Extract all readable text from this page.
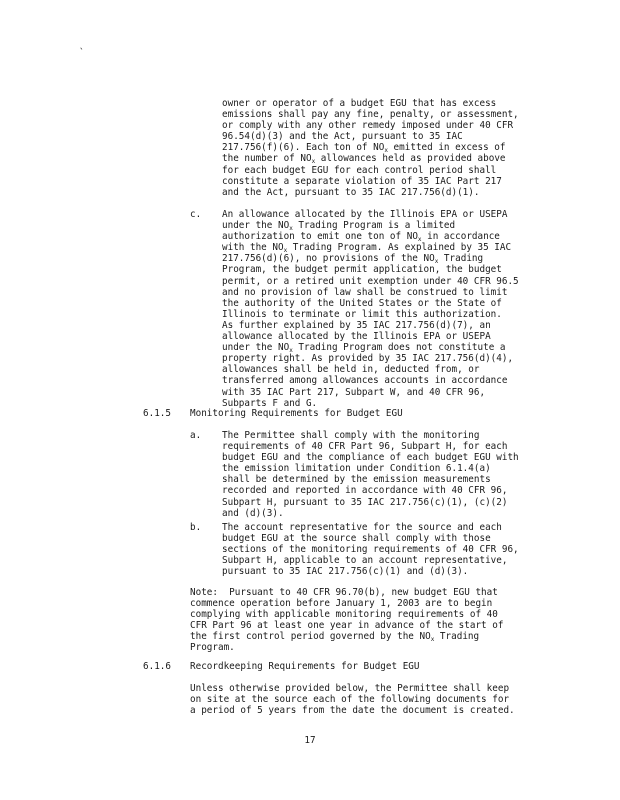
`
owner or operator of a budget EGU that has excess
emissions shall pay any fine, penalty, or assessment,
or comply with any other remedy imposed under 40 CFR
96.54(d)(3) and the Act, pursuant to 35 IAC
217.756(f)(6). Each ton of $NO_x$ emitted in excess of
the number of $NO_x$ allowances held as provided above
for each budget EGU for each control period shall
constitute a separate violation of 35 IAC Part 217
and the Act, pursuant to 35 IAC 217.756(d)(1).
c. An allowance allocated by the Illinois EPA or USEPA
under the $NO_x$ Trading Program is a limited
authorization to emit one ton of $NO_x$ in accordance
with the $NO_x$ Trading Program. As explained by 35 IAC
217.756(d)(6), no provisions of the $NO_x$ Trading
Program, the budget permit application, the budget
permit, or a retired unit exemption under 40 CFR 96.5
and no provision of law shall be construed to limit
the authority of the United States or the State of
Illinois to terminate or limit this authorization.
As further explained by 35 IAC 217.756(d)(7), an
allowance allocated by the Illinois EPA or USEPA
under the $NO_x$ Trading Program does not constitute a
property right. As provided by 35 IAC 217.756(d)(4),
allowances shall be held in, deducted from, or
transferred among allowances accounts in accordance
with 35 IAC Part 217, Subpart W, and 40 CFR 96,
Subparts F and G.
6.1.5 Monitoring Requirements for Budget EGU
a. The Permittee shall comply with the monitoring
requirements of 40 CFR Part 96, Subpart H, for each
budget EGU and the compliance of each budget EGU with
the emission limitation under Condition 6.1.4(a)
shall be determined by the emission measurements
recorded and reported in accordance with 40 CFR 96,
Subpart H, pursuant to 35 IAC 217.756(c)(1), (c)(2)
and (d)(3).
b. The account representative for the source and each
budget EGU at the source shall comply with those
sections of the monitoring requirements of 40 CFR 96,
Subpart H, applicable to an account representative,
pursuant to 35 IAC 217.756(c)(1) and (d)(3).
Note:  Pursuant to 40 CFR 96.70(b), new budget EGU that
commence operation before January 1, 2003 are to begin
complying with applicable monitoring requirements of 40
CFR Part 96 at least one year in advance of the start of
the first control period governed by the $NO_x$ Trading
Program.
6.1.6 Recordkeeping Requirements for Budget EGU
Unless otherwise provided below, the Permittee shall keep
on site at the source each of the following documents for
a period of 5 years from the date the document is created.
17
